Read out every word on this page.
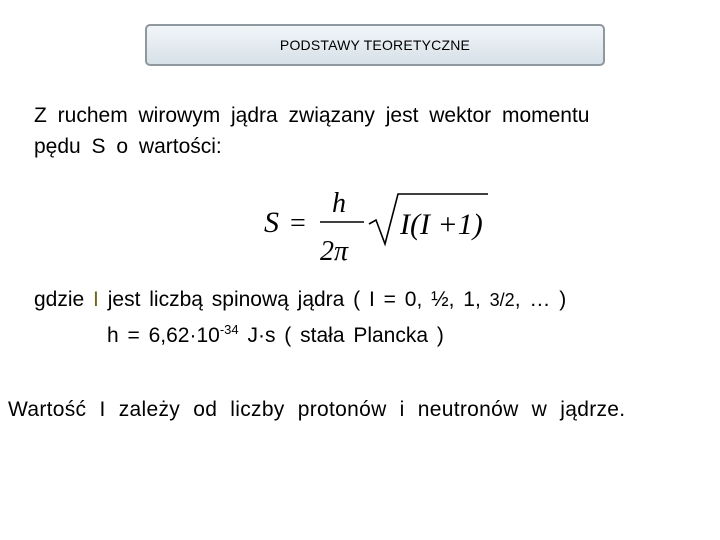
PODSTAWY TEORETYCZNE

Z ruchem wirowym jądra związany jest wektor momentu
pędu S o wartości:

S =
h
2π
I(I +1)
gdzie I jest liczbą spinową jądra ( I = 0, ½, 1, 3/2, … )
$h = 6,62\cdot 10^{-34}$ J·s ( stała Plancka )
Wartość I zależy od liczby protonów i neutronów w jądrze.
